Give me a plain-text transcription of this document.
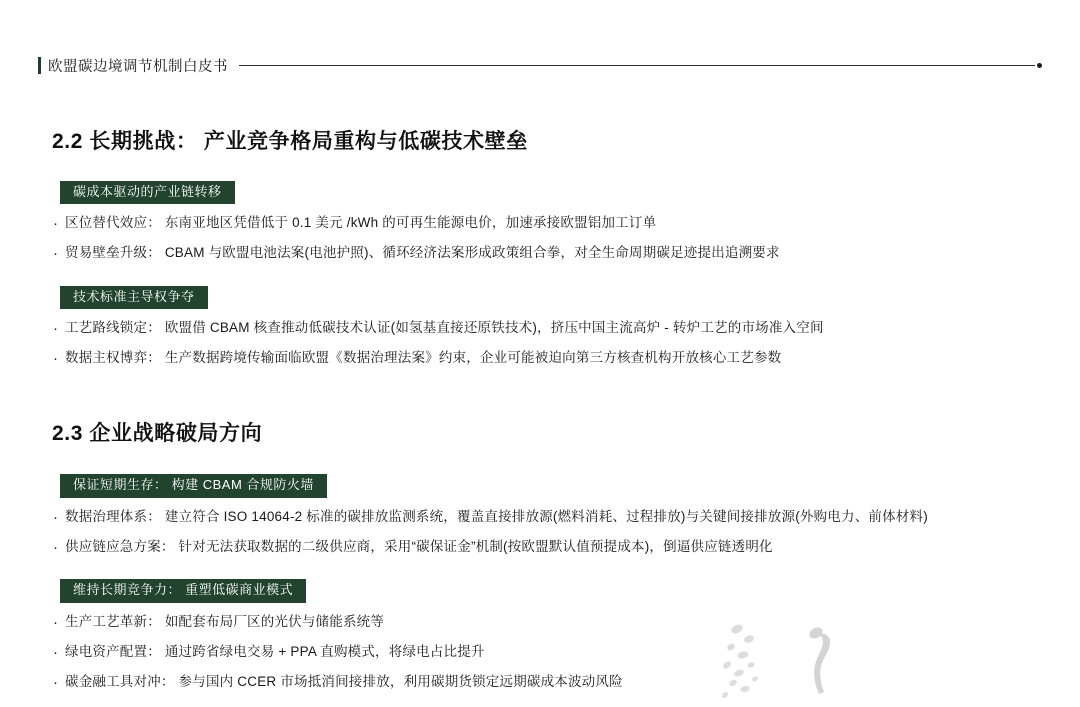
欧盟碳边境调节机制白皮书
2.2 长期挑战： 产业竞争格局重构与低碳技术壁垒
碳成本驱动的产业链转移
· 区位替代效应： 东南亚地区凭借低于 0.1 美元 /kWh 的可再生能源电价，加速承接欧盟铝加工订单
· 贸易壁垒升级： CBAM 与欧盟电池法案(电池护照)、循环经济法案形成政策组合拳，对全生命周期碳足迹提出追溯要求
技术标准主导权争夺
· 工艺路线锁定： 欧盟借 CBAM 核查推动低碳技术认证(如氢基直接还原铁技术)，挤压中国主流高炉 - 转炉工艺的市场准入空间
· 数据主权博弈： 生产数据跨境传输面临欧盟《数据治理法案》约束，企业可能被迫向第三方核查机构开放核心工艺参数
2.3 企业战略破局方向
保证短期生存： 构建 CBAM 合规防火墙
· 数据治理体系： 建立符合 ISO 14064-2 标准的碳排放监测系统，覆盖直接排放源(燃料消耗、过程排放)与关键间接排放源(外购电力、前体材料)
· 供应链应急方案： 针对无法获取数据的二级供应商，采用“碳保证金”机制(按欧盟默认值预提成本)，倒逼供应链透明化
维持长期竞争力： 重塑低碳商业模式
· 生产工艺革新： 如配套布局厂区的光伏与储能系统等
· 绿电资产配置： 通过跨省绿电交易 + PPA 直购模式，将绿电占比提升
· 碳金融工具对冲： 参与国内 CCER 市场抵消间接排放，利用碳期货锁定远期碳成本波动风险
